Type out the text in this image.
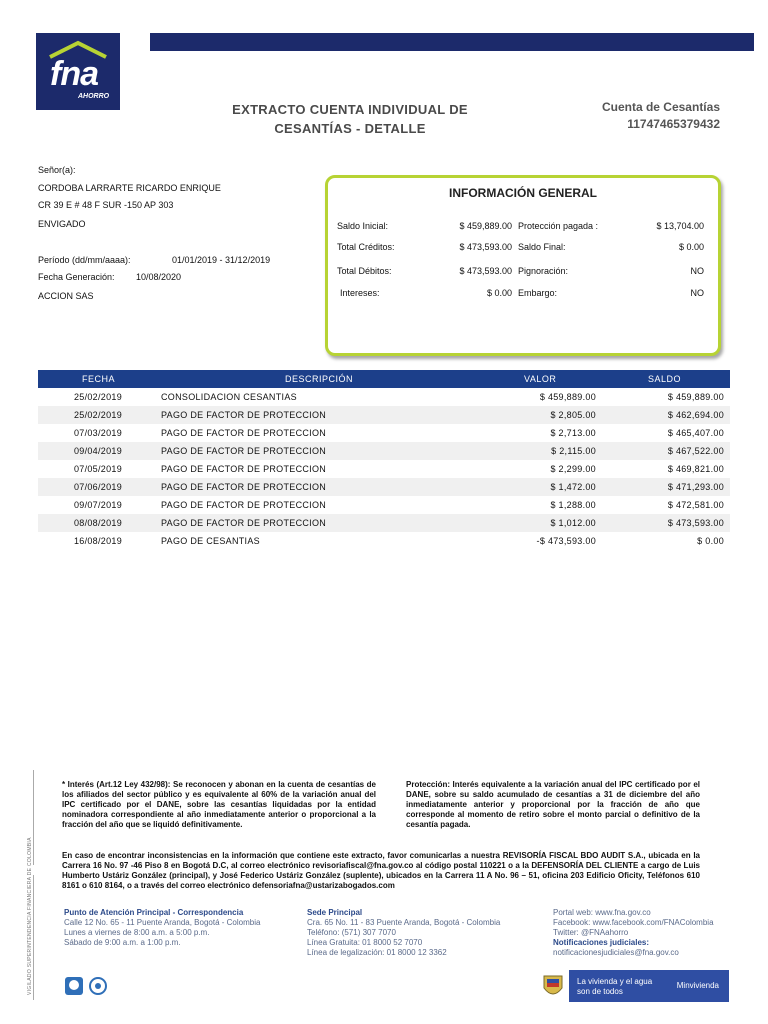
fna
AHORRO
EXTRACTO CUENTA INDIVIDUAL DE
CESANTÍAS - DETALLE
Cuenta de Cesantías
11747465379432
Señor(a):
CORDOBA LARRARTE RICARDO ENRIQUE
CR 39 E # 48 F SUR -150 AP 303
ENVIGADO
Período (dd/mm/aaaa):	01/01/2019 - 31/12/2019
Fecha Generación: 10/08/2020
ACCION SAS
INFORMACIÓN GENERAL
Saldo Inicial:	$ 459,889.00 Protección pagada :	$ 13,704.00
Total Créditos:	$ 473,593.00 Saldo Final:	$ 0.00
Total Débitos:	$ 473,593.00 Pignoración:	NO
Intereses:	$ 0.00 Embargo:	NO
FECHA	DESCRIPCIÓN	VALOR	SALDO
25/02/2019	CONSOLIDACION CESANTIAS	$ 459,889.00	$ 459,889.00
25/02/2019	PAGO DE FACTOR DE PROTECCION	$ 2,805.00	$ 462,694.00
07/03/2019	PAGO DE FACTOR DE PROTECCION	$ 2,713.00	$ 465,407.00
09/04/2019	PAGO DE FACTOR DE PROTECCION	$ 2,115.00	$ 467,522.00
07/05/2019	PAGO DE FACTOR DE PROTECCION	$ 2,299.00	$ 469,821.00
07/06/2019	PAGO DE FACTOR DE PROTECCION	$ 1,472.00	$ 471,293.00
09/07/2019	PAGO DE FACTOR DE PROTECCION	$ 1,288.00	$ 472,581.00
08/08/2019	PAGO DE FACTOR DE PROTECCION	$ 1,012.00	$ 473,593.00
16/08/2019	PAGO DE CESANTIAS	-$ 473,593.00	$ 0.00
VIGILADO SUPERINTENDENCIA FINANCIERA DE COLOMBIA
* Interés (Art.12 Ley 432/98): Se reconocen y abonan en la cuenta de cesantías de los afiliados del sector público y es equivalente al 60% de la variación anual del IPC certificado por el DANE, sobre las cesantías liquidadas por la entidad nominadora correspondiente al año inmediatamente anterior o proporcional a la fracción del año que se liquidó definitivamente.
Protección: Interés equivalente a la variación anual del IPC certificado por el DANE, sobre su saldo acumulado de cesantías a 31 de diciembre del año inmediatamente anterior y proporcional por la fracción de año que corresponde al momento de retiro sobre el monto parcial o definitivo de la cesantía pagada.
En caso de encontrar inconsistencias en la información que contiene este extracto, favor comunicarlas a nuestra REVISORÍA FISCAL BDO AUDIT S.A., ubicada en la Carrera 16 No. 97 -46 Piso 8 en Bogotá D.C, al correo electrónico revisoriafiscal@fna.gov.co al código postal 110221 o a la DEFENSORÍA DEL CLIENTE a cargo de Luis Humberto Ustáriz González (principal), y José Federico Ustáriz González (suplente), ubicados en la Carrera 11 A No. 96 – 51, oficina 203 Edificio Oficity, Teléfonos 610 8161 o 610 8164, o a través del correo electrónico defensoriafna@ustarizabogados.com
Punto de Atención Principal - Correspondencia
Calle 12 No. 65 - 11 Puente Aranda, Bogotá - Colombia
Lunes a viernes de 8:00 a.m. a 5:00 p.m.
Sábado de 9:00 a.m. a 1:00 p.m.
Sede Principal
Cra. 65 No. 11 - 83 Puente Aranda, Bogotá - Colombia
Teléfono: (571) 307 7070
Línea Gratuita: 01 8000 52 7070
Línea de legalización: 01 8000 12 3362
Portal web: www.fna.gov.co
Facebook: www.facebook.com/FNAColombia
Twitter: @FNAahorro
Notificaciones judiciales:
notificacionesjudiciales@fna.gov.co
La vivienda y el agua
son de todos
Minvivienda
